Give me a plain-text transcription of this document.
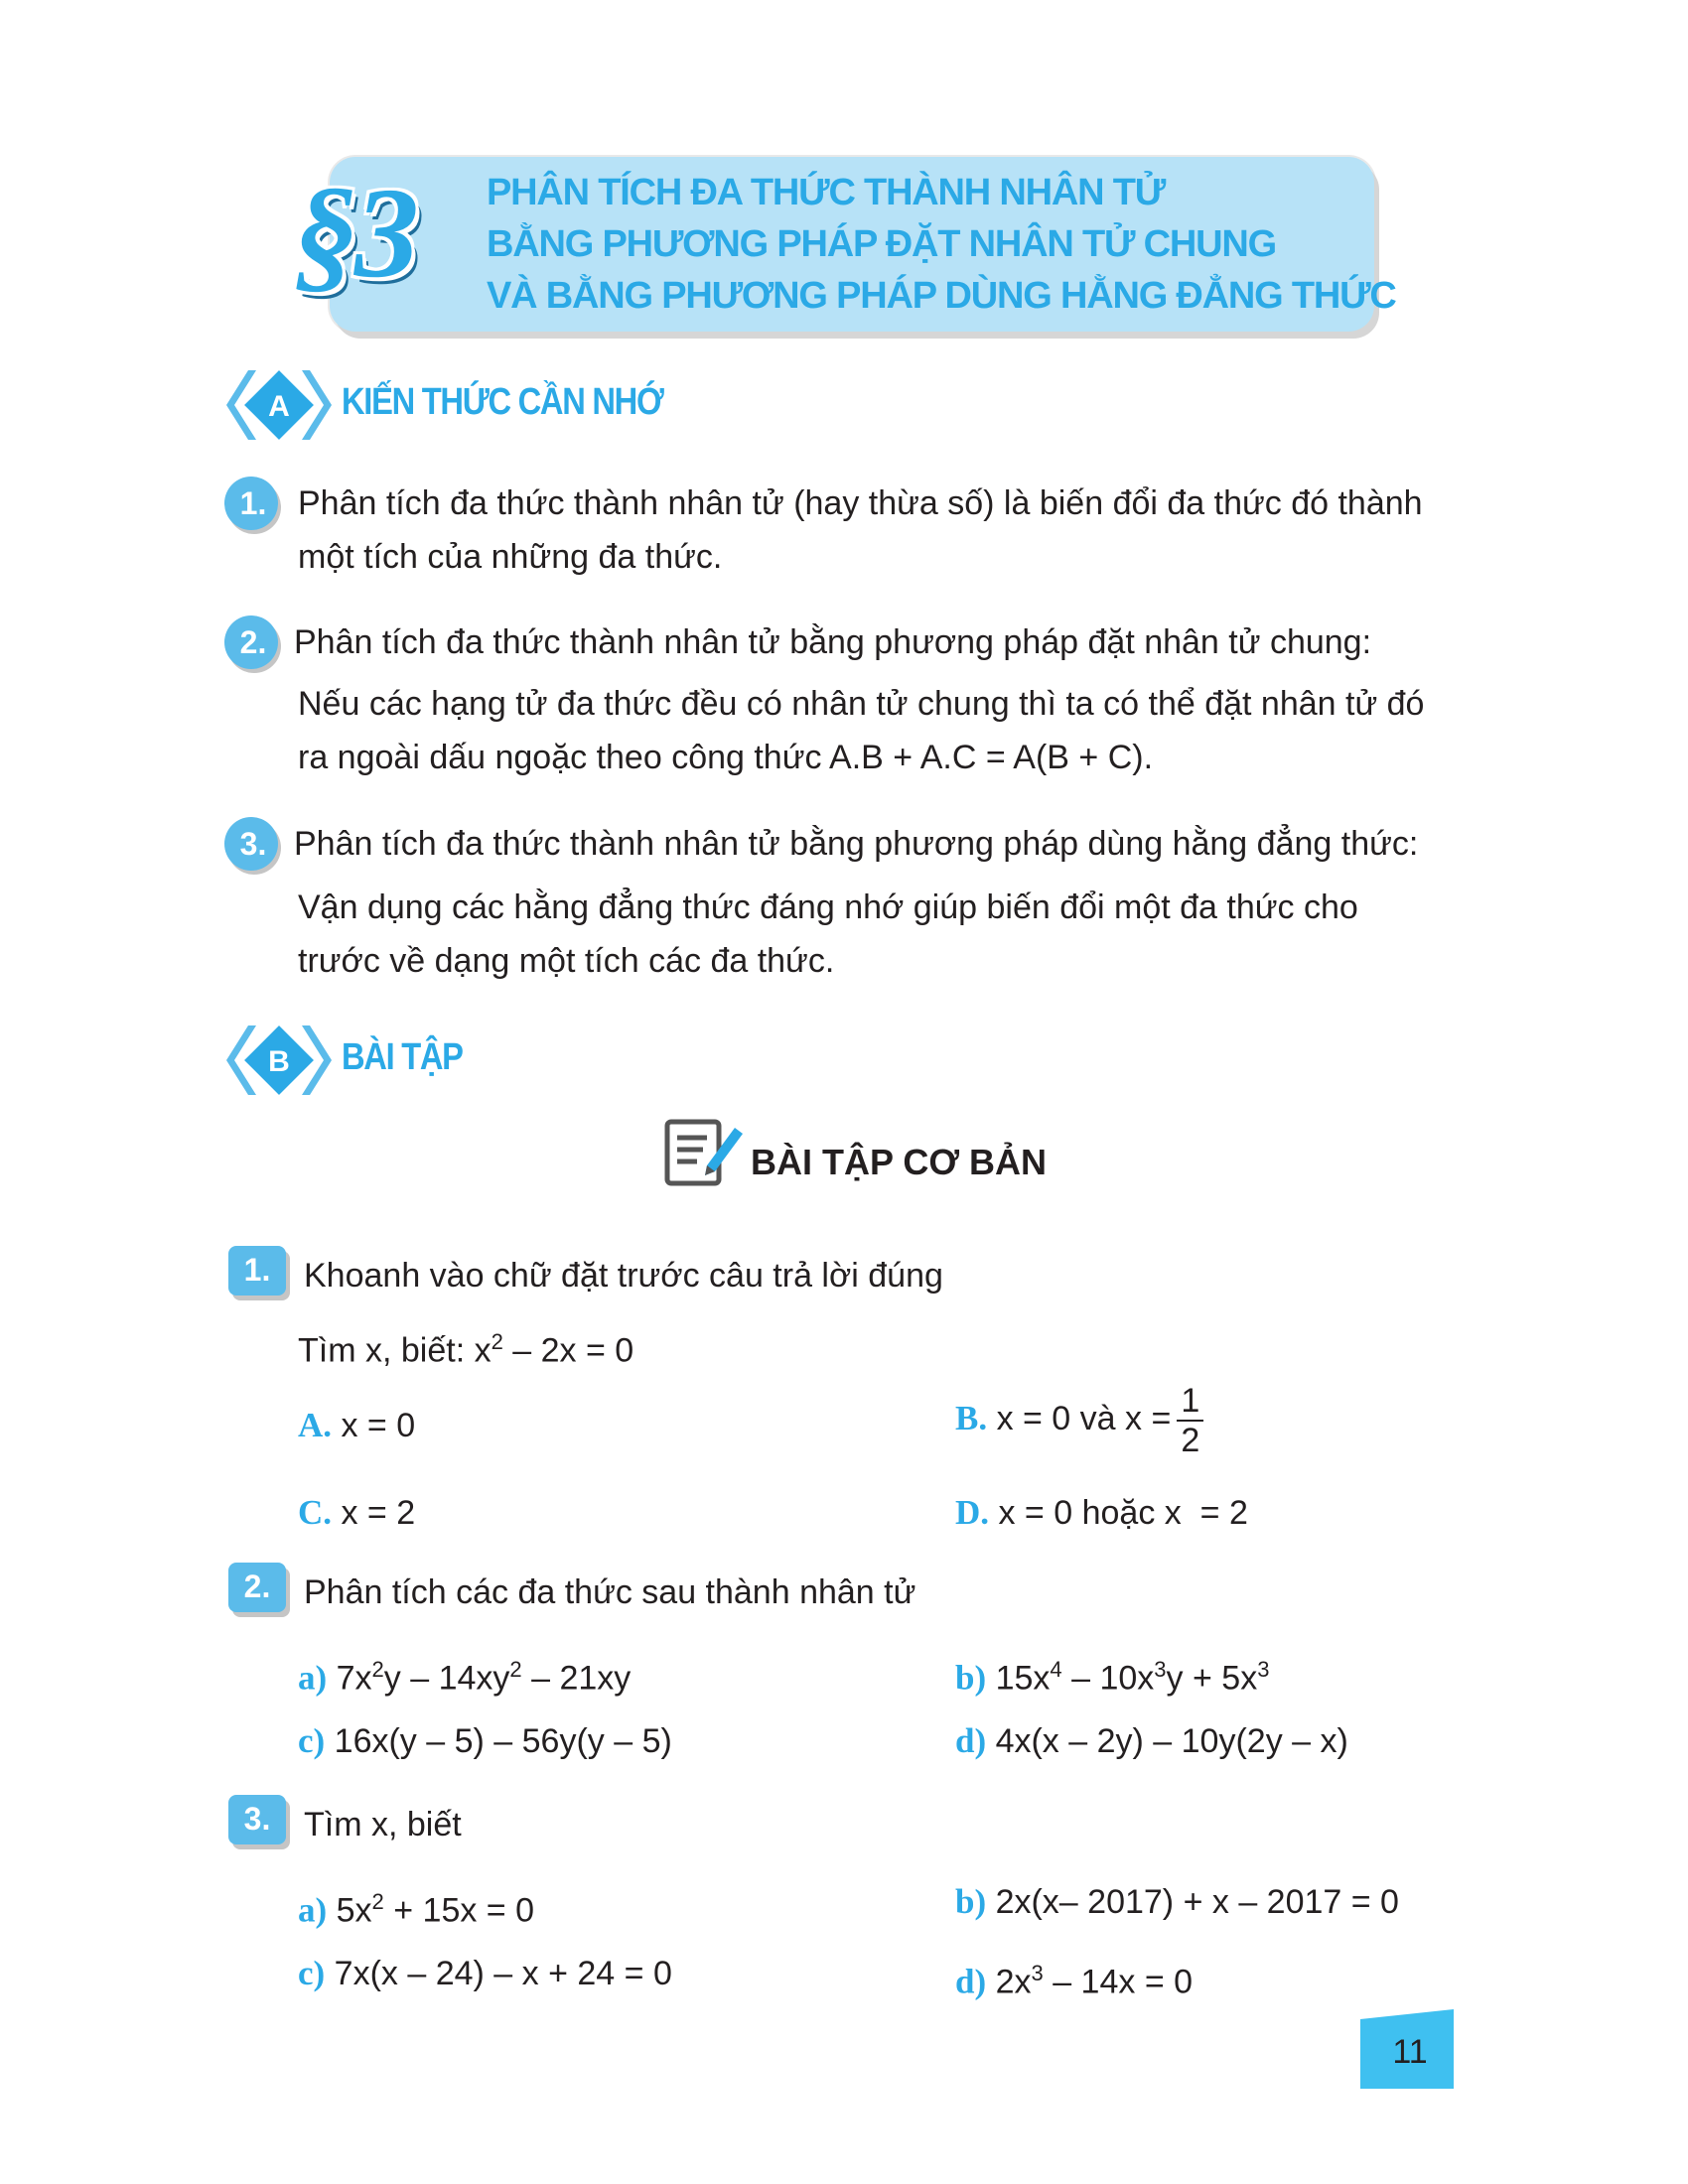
§3 PHÂN TÍCH ĐA THỨC THÀNH NHÂN TỬ
BẰNG PHƯƠNG PHÁP ĐẶT NHÂN TỬ CHUNG
VÀ BẰNG PHƯƠNG PHÁP DÙNG HẰNG ĐẲNG THỨC
A KIẾN THỨC CẦN NHỚ
1. Phân tích đa thức thành nhân tử (hay thừa số) là biến đổi đa thức đó thành
một tích của những đa thức.
2. Phân tích đa thức thành nhân tử bằng phương pháp đặt nhân tử chung:
Nếu các hạng tử đa thức đều có nhân tử chung thì ta có thể đặt nhân tử đó
ra ngoài dấu ngoặc theo công thức A.B + A.C = A(B + C).
3. Phân tích đa thức thành nhân tử bằng phương pháp dùng hằng đẳng thức:
Vận dụng các hằng đẳng thức đáng nhớ giúp biến đổi một đa thức cho
trước về dạng một tích các đa thức.
B BÀI TẬP
BÀI TẬP CƠ BẢN
1. Khoanh vào chữ đặt trước câu trả lời đúng
Tìm x, biết: $x^2 - 2x = 0$
A. x = 0	B. x = 0 và $x = \frac{1}{2}$
C. x = 2	D. x = 0 hoặc x  = 2
2. Phân tích các đa thức sau thành nhân tử
a) $7x^2y - 14xy^2 - 21xy$	b) $15x^4 - 10x^3y + 5x^3$
c) 16x(y – 5) – 56y(y – 5)	d) 4x(x – 2y) – 10y(2y – x)
3. Tìm x, biết
a) $5x^2 + 15x = 0$	b) 2x(x– 2017) + x – 2017 = 0
c) 7x(x – 24) – x + 24 = 0	d) $2x^3 - 14x = 0$
11
